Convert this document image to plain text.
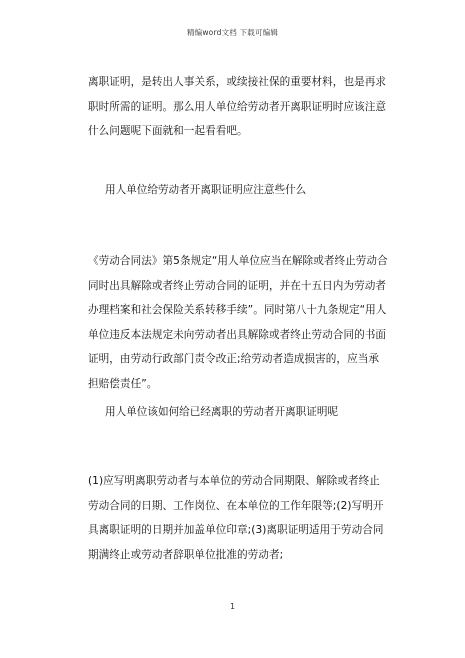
精编word文档 下载可编辑

离职证明，是转出人事关系，或续接社保的重要材料，也是再求职时所需的证明。那么用人单位给劳动者开离职证明时应该注意什么问题呢下面就和一起看看吧。

用人单位给劳动者开离职证明应注意些什么

《劳动合同法》第5条规定“用人单位应当在解除或者终止劳动合同时出具解除或者终止劳动合同的证明，并在十五日内为劳动者办理档案和社会保险关系转移手续”。同时第八十九条规定“用人单位违反本法规定未向劳动者出具解除或者终止劳动合同的书面证明，由劳动行政部门责令改正;给劳动者造成损害的，应当承担赔偿责任”。

用人单位该如何给已经离职的劳动者开离职证明呢

(1)应写明离职劳动者与本单位的劳动合同期限、解除或者终止劳动合同的日期、工作岗位、在本单位的工作年限等;(2)写明开具离职证明的日期并加盖单位印章;(3)离职证明适用于劳动合同期满终止或劳动者辞职单位批准的劳动者;

1
